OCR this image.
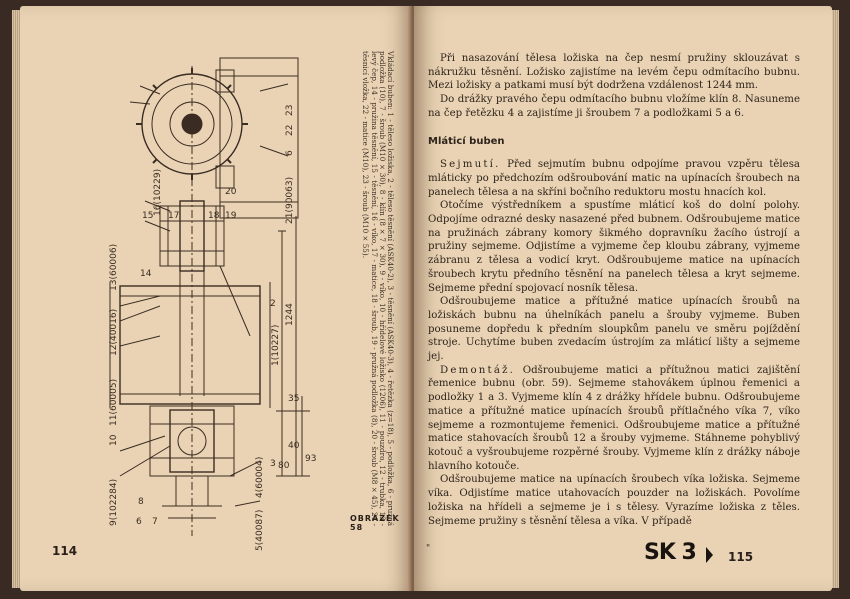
8
6 7
20
19
18
17
15
14
2
3
35
40
80
93
9(102284)
10
11(60005)
12(40016)
13(60006)
16(10229)
1(10227)
1244
4(60004)
5(40087)
21(90063)
6
22
23	Vkládací buben: 1 - těleso ložiska, 2 - těleso těsnění (ASK40-2), 3 - těsnění (ASK40-3), 4 - řetězka (z=18), 5 - podložka, 6 - pružná podložka (10), 7 - šroub (M10 × 30), 8 - klín (8 × 7 × 30), 9 - víko, 10 - hřídelové ložisko (1206), 11 - pouzdro, 12 - trubka, 13 - levý čep, 14 - pružina těsnění, 15 - těsnění, 16 - víko, 17 - matice, 18 - šroub, 19 - pružná podložka (8), 20 - šroub (M8 × 45), 21 - těsnicí vložka, 22 - matice (M10), 23 - šroub (M10 × 55).
OBRÁZEK 58
114

Při nasazování tělesa ložiska na čep nesmí pružiny sklouzávat s nákružku těsnění. Ložisko zajistíme na levém čepu odmítacího bubnu. Mezi ložisky a patkami musí být dodržena vzdálenost 1244 mm.

Do drážky pravého čepu odmítacího bubnu vložíme klín 8. Nasuneme na čep řetězku 4 a zajistíme ji šroubem 7 a podložkami 5 a 6.

Mláticí buben

Sejmutí. Před sejmutím bubnu odpojíme pravou vzpěru tělesa mláticky po předchozím odšroubování matic na upínacích šroubech na panelech tělesa a na skříni bočního reduktoru mostu hnacích kol.

Otočíme výstředníkem a spustíme mláticí koš do dolní polohy. Odpojíme odrazné desky nasazené před bubnem. Odšroubujeme matice na pružinách zábrany komory šikmého dopravníku žacího ústrojí a pružiny sejmeme. Odjistíme a vyjmeme čep kloubu zábrany, vyjmeme zábranu z tělesa a vodicí kryt. Odšroubujeme matice na upínacích šroubech krytu předního těsnění na panelech tělesa a kryt sejmeme. Sejmeme přední spojovací nosník tělesa.

Odšroubujeme matice a přítužné matice upínacích šroubů na ložiskách bubnu na úhelníkách panelu a šrouby vyjmeme. Buben posuneme dopředu k předním sloupkům panelu ve směru pojíždění stroje. Uchytíme buben zvedacím ústrojím za mláticí lišty a sejmeme jej.

Demontáž. Odšroubujeme matici a přítužnou matici zajištění řemenice bubnu (obr. 59). Sejmeme stahovákem úplnou řemenici a podložky 1 a 3. Vyjmeme klín 4 z drážky hřídele bubnu. Odšroubujeme matice a přítužné matice upínacích šroubů přítlačného víka 7, víko sejmeme a rozmontujeme řemenici. Odšroubujeme matice a přítužné matice stahovacích šroubů 12 a šrouby vyjmeme. Stáhneme pohyblivý kotouč a vyšroubujeme rozpěrné šrouby. Vyjmeme klín z drážky náboje hlavního kotouče.

Odšroubujeme matice na upínacích šroubech víka ložiska. Sejmeme víka. Odjistíme matice utahovacích pouzder na ložiskách. Povolíme ložiska na hřídeli a sejmeme je i s tělesy. Vyrazíme ložiska z těles. Sejmeme pružiny s těsnění tělesa a víka. V případě

"	SK 3	115
